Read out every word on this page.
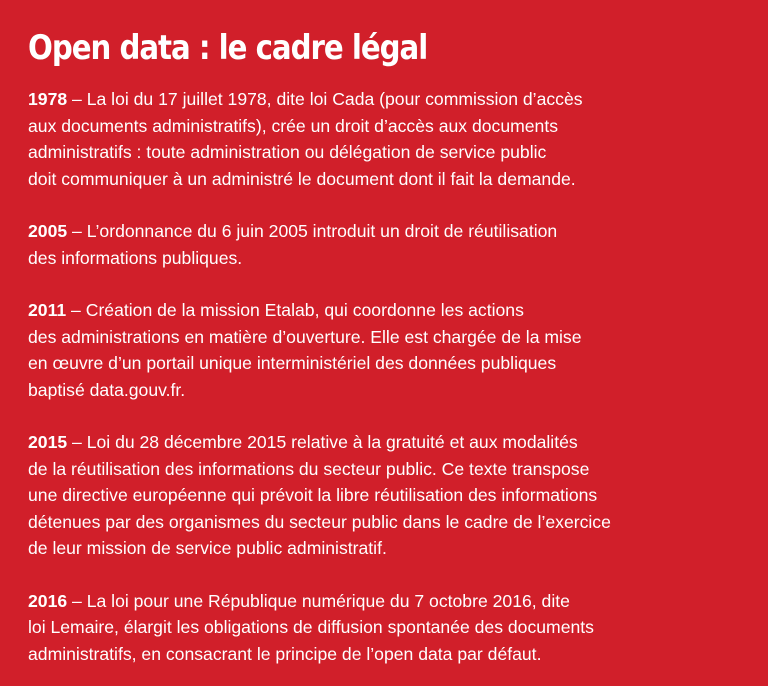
Open data : le cadre légal
1978 – La loi du 17 juillet 1978, dite loi Cada (pour commission d’accès
aux documents administratifs), crée un droit d’accès aux documents
administratifs : toute administration ou délégation de service public
doit communiquer à un administré le document dont il fait la demande.
2005 – L’ordonnance du 6 juin 2005 introduit un droit de réutilisation
des informations publiques.
2011 – Création de la mission Etalab, qui coordonne les actions
des administrations en matière d’ouverture. Elle est chargée de la mise
en œuvre d’un portail unique interministériel des données publiques
baptisé data.gouv.fr.
2015 – Loi du 28 décembre 2015 relative à la gratuité et aux modalités
de la réutilisation des informations du secteur public. Ce texte transpose
une directive européenne qui prévoit la libre réutilisation des informations
détenues par des organismes du secteur public dans le cadre de l’exercice
de leur mission de service public administratif.
2016 – La loi pour une République numérique du 7 octobre 2016, dite
loi Lemaire, élargit les obligations de diffusion spontanée des documents
administratifs, en consacrant le principe de l’open data par défaut.
